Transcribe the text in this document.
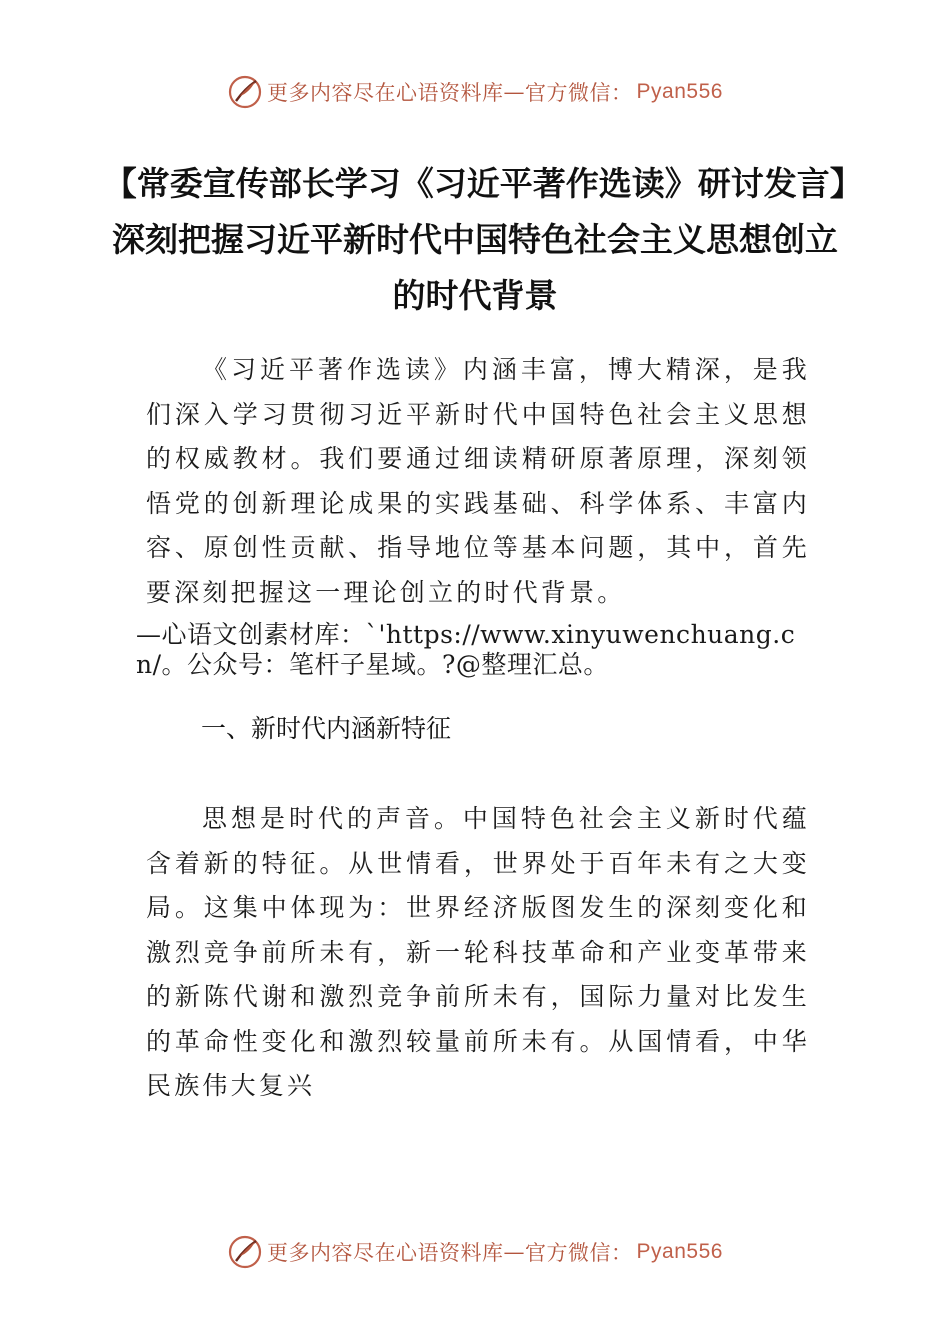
更多内容尽在心语资料库 — 官方微信： Pyan556
【常委宣传部长学习《习近平著作选读》研讨发言】深刻把握习近平新时代中国特色社会主义思想创立的时代背景

《习近平著作选读》内涵丰富，博大精深，是我们深入学习贯彻习近平新时代中国特色社会主义思想的权威教材。我们要通过细读精研原著原理，深刻领悟党的创新理论成果的实践基础、科学体系、丰富内容、原创性贡献、指导地位等基本问题，其中，首先要深刻把握这一理论创立的时代背景。

—心语文创素材库：`'https://www.xinyuwenchuang.cn/。公众号：笔杆子星域。?@整理汇总。

一、新时代内涵新特征

思想是时代的声音。中国特色社会主义新时代蕴含着新的特征。从世情看，世界处于百年未有之大变局。这集中体现为：世界经济版图发生的深刻变化和激烈竞争前所未有，新一轮科技革命和产业变革带来的新陈代谢和激烈竞争前所未有，国际力量对比发生的革命性变化和激烈较量前所未有。从国情看，中华民族伟大复兴

更多内容尽在心语资料库 — 官方微信： Pyan556
